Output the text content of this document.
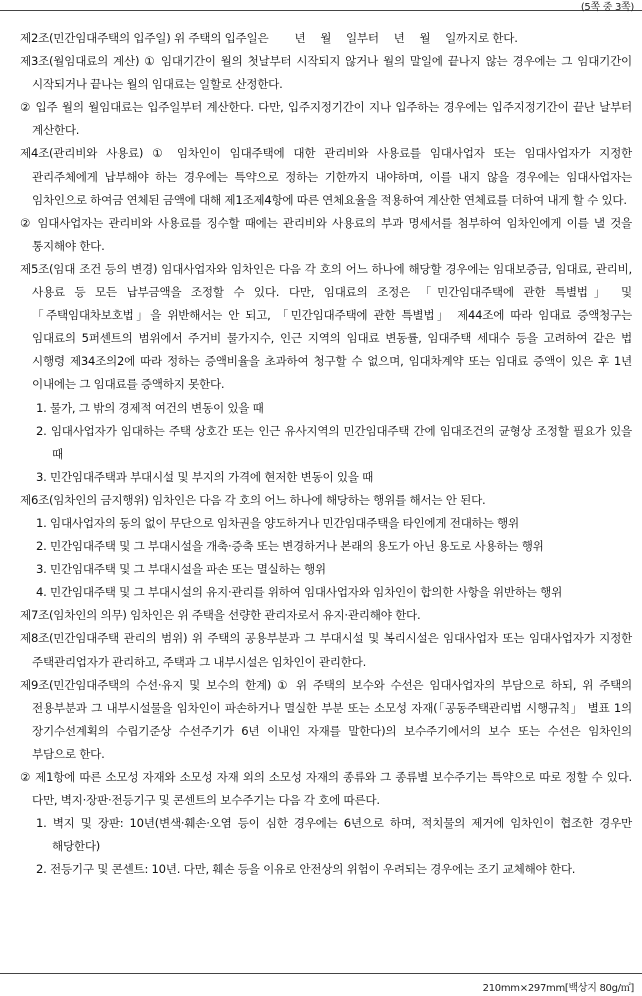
(5쪽 중 3쪽)
제2조(민간임대주택의 입주일) 위 주택의 입주일은 　　년 　월 　일부터 　년 　월 　일까지로 한다.
제3조(월임대료의 계산) ① 임대기간이 월의 첫날부터 시작되지 않거나 월의 말일에 끝나지 않는 경우에는 그 임대기간이 시작되거나 끝나는 월의 임대료는 일할로 산정한다.
② 입주 월의 월임대료는 입주일부터 계산한다. 다만, 입주지정기간이 지나 입주하는 경우에는 입주지정기간이 끝난 날부터 계산한다.
제4조(관리비와 사용료) ① 임차인이 임대주택에 대한 관리비와 사용료를 임대사업자 또는 임대사업자가 지정한 관리주체에게 납부해야 하는 경우에는 특약으로 정하는 기한까지 내야하며, 이를 내지 않을 경우에는 임대사업자는 임차인으로 하여금 연체된 금액에 대해 제1조제4항에 따른 연체요율을 적용하여 계산한 연체료를 더하여 내게 할 수 있다.
② 임대사업자는 관리비와 사용료를 징수할 때에는 관리비와 사용료의 부과 명세서를 첨부하여 임차인에게 이를 낼 것을 통지해야 한다.
제5조(임대 조건 등의 변경) 임대사업자와 임차인은 다음 각 호의 어느 하나에 해당할 경우에는 임대보증금, 임대료, 관리비, 사용료 등 모든 납부금액을 조정할 수 있다. 다만, 임대료의 조정은 「민간임대주택에 관한 특별법」 및 「주택임대차보호법」을 위반해서는 안 되고, 「민간임대주택에 관한 특별법」 제44조에 따라 임대료 증액청구는 임대료의 5퍼센트의 범위에서 주거비 물가지수, 인근 지역의 임대료 변동률, 임대주택 세대수 등을 고려하여 같은 법 시행령 제34조의2에 따라 정하는 증액비율을 초과하여 청구할 수 없으며, 임대차계약 또는 임대료 증액이 있은 후 1년 이내에는 그 임대료를 증액하지 못한다.
1. 물가, 그 밖의 경제적 여건의 변동이 있을 때
2. 임대사업자가 임대하는 주택 상호간 또는 인근 유사지역의 민간임대주택 간에 임대조건의 균형상 조정할 필요가 있을 때
3. 민간임대주택과 부대시설 및 부지의 가격에 현저한 변동이 있을 때
제6조(임차인의 금지행위) 임차인은 다음 각 호의 어느 하나에 해당하는 행위를 해서는 안 된다.
1. 임대사업자의 동의 없이 무단으로 임차권을 양도하거나 민간임대주택을 타인에게 전대하는 행위
2. 민간임대주택 및 그 부대시설을 개축·증축 또는 변경하거나 본래의 용도가 아닌 용도로 사용하는 행위
3. 민간임대주택 및 그 부대시설을 파손 또는 멸실하는 행위
4. 민간임대주택 및 그 부대시설의 유지·관리를 위하여 임대사업자와 임차인이 합의한 사항을 위반하는 행위
제7조(임차인의 의무) 임차인은 위 주택을 선량한 관리자로서 유지·관리해야 한다.
제8조(민간임대주택 관리의 범위) 위 주택의 공용부분과 그 부대시설 및 복리시설은 임대사업자 또는 임대사업자가 지정한 주택관리업자가 관리하고, 주택과 그 내부시설은 임차인이 관리한다.
제9조(민간임대주택의 수선·유지 및 보수의 한계) ① 위 주택의 보수와 수선은 임대사업자의 부담으로 하되, 위 주택의 전용부분과 그 내부시설물을 임차인이 파손하거나 멸실한 부분 또는 소모성 자재(「공동주택관리법 시행규칙」 별표 1의 장기수선계획의 수립기준상 수선주기가 6년 이내인 자재를 말한다)의 보수주기에서의 보수 또는 수선은 임차인의 부담으로 한다.
② 제1항에 따른 소모성 자재와 소모성 자재 외의 소모성 자재의 종류와 그 종류별 보수주기는 특약으로 따로 정할 수 있다. 다만, 벽지·장판·전등기구 및 콘센트의 보수주기는 다음 각 호에 따른다.
1. 벽지 및 장판: 10년(변색·훼손·오염 등이 심한 경우에는 6년으로 하며, 적치물의 제거에 임차인이 협조한 경우만 해당한다)
2. 전등기구 및 콘센트: 10년. 다만, 훼손 등을 이유로 안전상의 위험이 우려되는 경우에는 조기 교체해야 한다.
210mm×297mm[백상지 80g/㎡]
